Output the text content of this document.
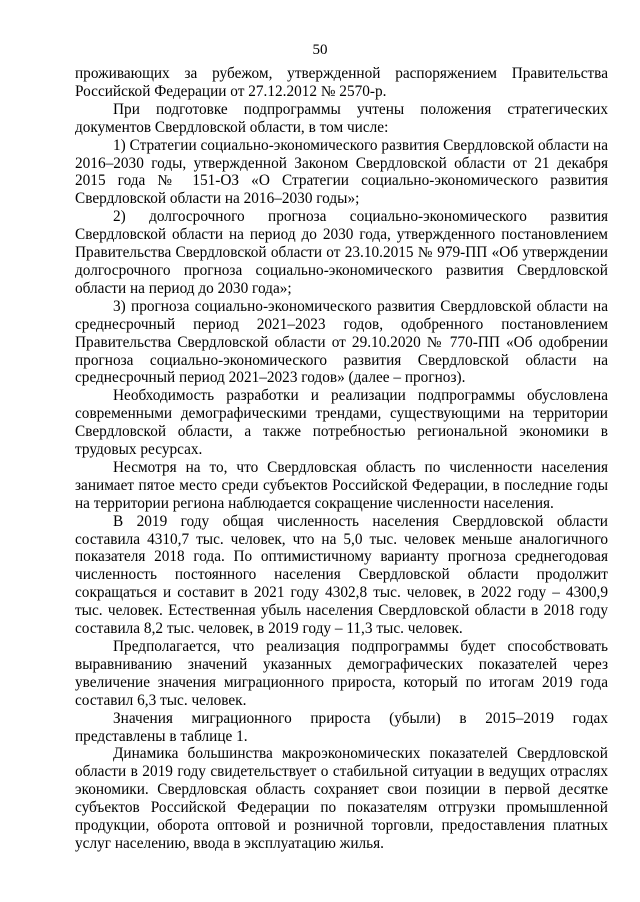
50

проживающих за рубежом, утвержденной распоряжением Правительства Российской Федерации от 27.12.2012 № 2570-р.

При подготовке подпрограммы учтены положения стратегических документов Свердловской области, в том числе:

1) Стратегии социально-экономического развития Свердловской области на 2016–2030 годы, утвержденной Законом Свердловской области от 21 декабря 2015 года № 151-ОЗ «О Стратегии социально-экономического развития Свердловской области на 2016–2030 годы»;

2) долгосрочного прогноза социально-экономического развития Свердловской области на период до 2030 года, утвержденного постановлением Правительства Свердловской области от 23.10.2015 № 979-ПП «Об утверждении долгосрочного прогноза социально-экономического развития Свердловской области на период до 2030 года»;

3) прогноза социально-экономического развития Свердловской области на среднесрочный период 2021–2023 годов, одобренного постановлением Правительства Свердловской области от 29.10.2020 № 770-ПП «Об одобрении прогноза социально-экономического развития Свердловской области на среднесрочный период 2021–2023 годов» (далее – прогноз).

Необходимость разработки и реализации подпрограммы обусловлена современными демографическими трендами, существующими на территории Свердловской области, а также потребностью региональной экономики в трудовых ресурсах.

Несмотря на то, что Свердловская область по численности населения занимает пятое место среди субъектов Российской Федерации, в последние годы на территории региона наблюдается сокращение численности населения.

В 2019 году общая численность населения Свердловской области составила 4310,7 тыс. человек, что на 5,0 тыс. человек меньше аналогичного показателя 2018 года. По оптимистичному варианту прогноза среднегодовая численность постоянного населения Свердловской области продолжит сокращаться и составит в 2021 году 4302,8 тыс. человек, в 2022 году – 4300,9 тыс. человек. Естественная убыль населения Свердловской области в 2018 году составила 8,2 тыс. человек, в 2019 году – 11,3 тыс. человек.

Предполагается, что реализация подпрограммы будет способствовать выравниванию значений указанных демографических показателей через увеличение значения миграционного прироста, который по итогам 2019 года составил 6,3 тыс. человек.

Значения миграционного прироста (убыли) в 2015–2019 годах представлены в таблице 1.

Динамика большинства макроэкономических показателей Свердловской области в 2019 году свидетельствует о стабильной ситуации в ведущих отраслях экономики. Свердловская область сохраняет свои позиции в первой десятке субъектов Российской Федерации по показателям отгрузки промышленной продукции, оборота оптовой и розничной торговли, предоставления платных услуг населению, ввода в эксплуатацию жилья.
